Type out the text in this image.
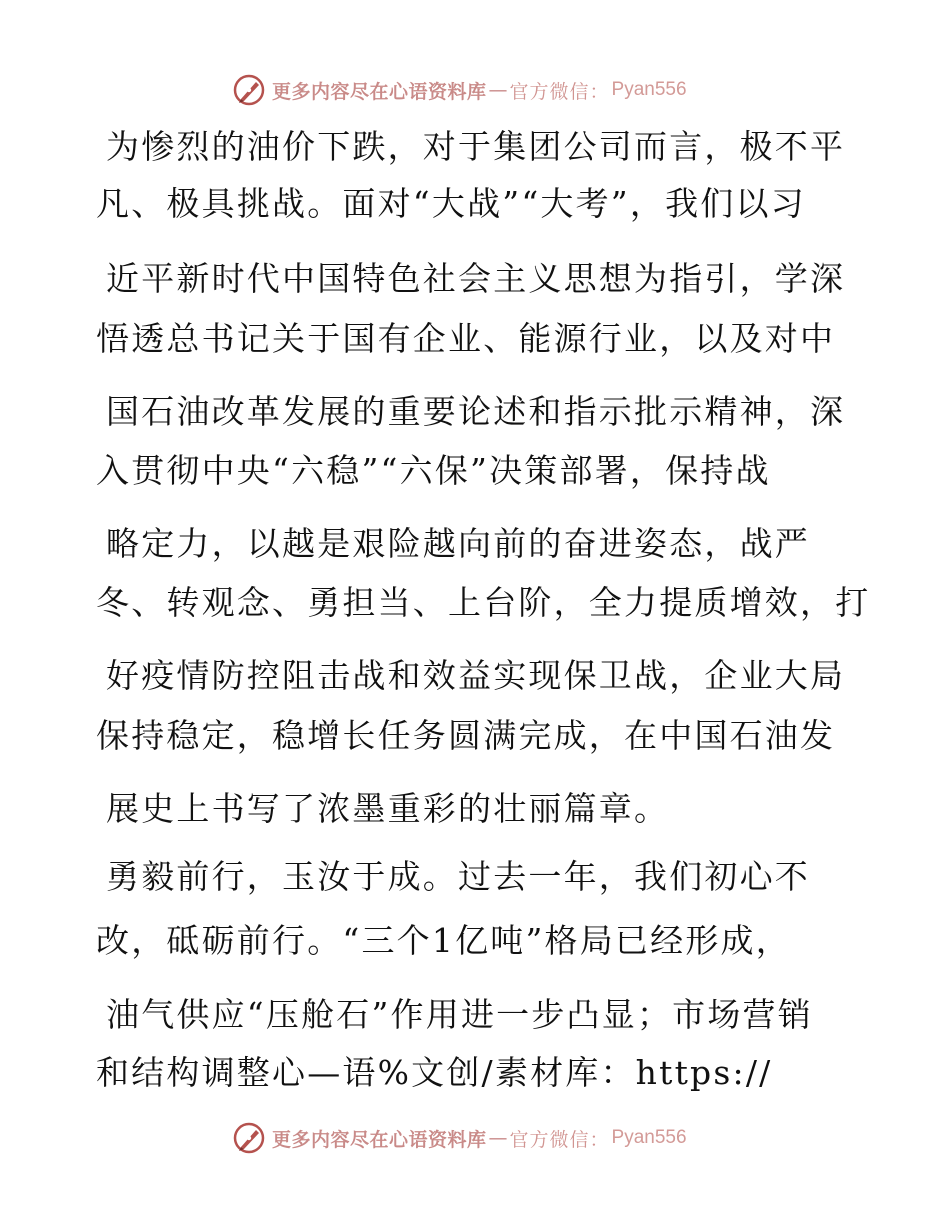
更多内容尽在心语资料库 — 官方微信： Pyan556
为惨烈的油价下跌，对于集团公司而言，极不平
凡、极具挑战。面对“大战”“大考”，我们以习
近平新时代中国特色社会主义思想为指引，学深
悟透总书记关于国有企业、能源行业，以及对中
国石油改革发展的重要论述和指示批示精神，深
入贯彻中央“六稳”“六保”决策部署，保持战
略定力，以越是艰险越向前的奋进姿态，战严
冬、转观念、勇担当、上台阶，全力提质增效，打
好疫情防控阻击战和效益实现保卫战，企业大局
保持稳定，稳增长任务圆满完成，在中国石油发
展史上书写了浓墨重彩的壮丽篇章。
勇毅前行，玉汝于成。过去一年，我们初心不
改，砥砺前行。“三个1亿吨”格局已经形成，
油气供应“压舱石”作用进一步凸显；市场营销
和结构调整心—语%文创/素材库：https://
更多内容尽在心语资料库 — 官方微信： Pyan556
